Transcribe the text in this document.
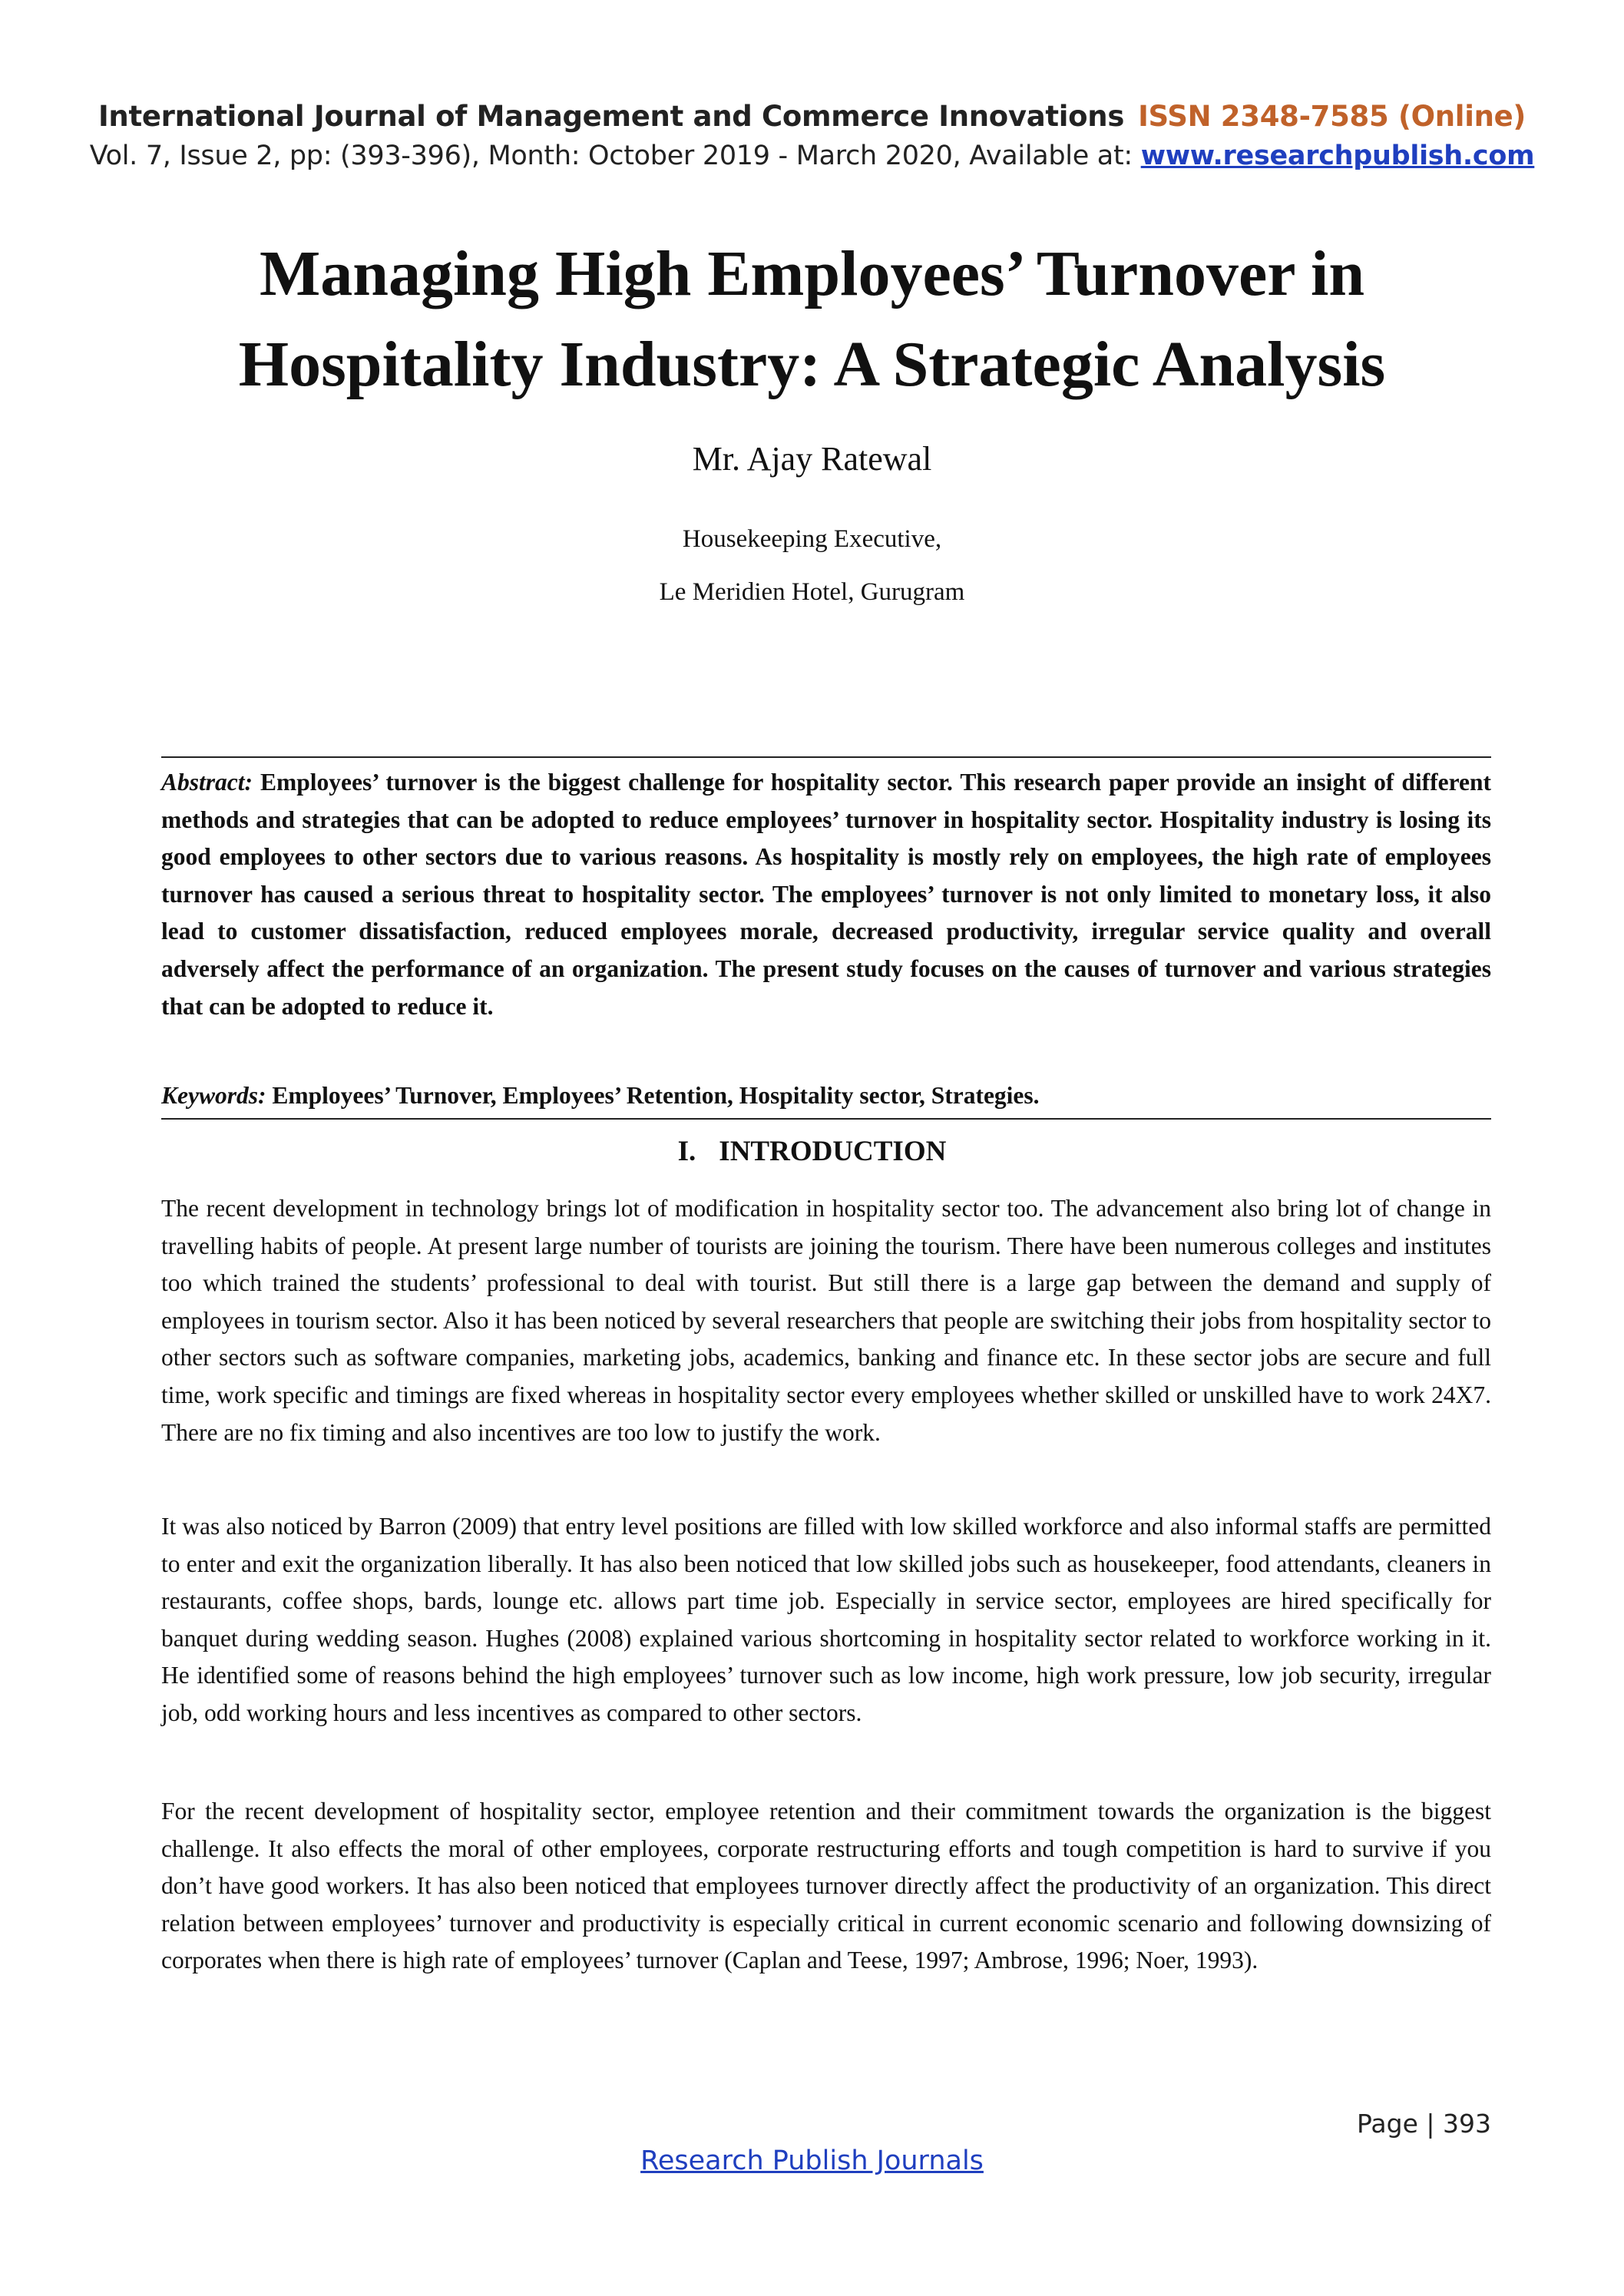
International Journal of Management and Commerce Innovations ISSN 2348-7585 (Online)
Vol. 7, Issue 2, pp: (393-396), Month: October 2019 - March 2020, Available at: www.researchpublish.com
Managing High Employees’ Turnover in
Hospitality Industry: A Strategic Analysis
Mr. Ajay Ratewal
Housekeeping Executive,
Le Meridien Hotel, Gurugram
Abstract: Employees’ turnover is the biggest challenge for hospitality sector. This research paper provide an insight of different methods and strategies that can be adopted to reduce employees’ turnover in hospitality sector. Hospitality industry is losing its good employees to other sectors due to various reasons. As hospitality is mostly rely on employees, the high rate of employees turnover has caused a serious threat to hospitality sector. The employees’ turnover is not only limited to monetary loss, it also lead to customer dissatisfaction, reduced employees morale, decreased productivity, irregular service quality and overall adversely affect the performance of an organization. The present study focuses on the causes of turnover and various strategies that can be adopted to reduce it.
Keywords: Employees’ Turnover, Employees’ Retention, Hospitality sector, Strategies.
I. INTRODUCTION

The recent development in technology brings lot of modification in hospitality sector too. The advancement also bring lot of change in travelling habits of people. At present large number of tourists are joining the tourism. There have been numerous colleges and institutes too which trained the students’ professional to deal with tourist. But still there is a large gap between the demand and supply of employees in tourism sector. Also it has been noticed by several researchers that people are switching their jobs from hospitality sector to other sectors such as software companies, marketing jobs, academics, banking and finance etc. In these sector jobs are secure and full time, work specific and timings are fixed whereas in hospitality sector every employees whether skilled or unskilled have to work 24X7. There are no fix timing and also incentives are too low to justify the work.

It was also noticed by Barron (2009) that entry level positions are filled with low skilled workforce and also informal staffs are permitted to enter and exit the organization liberally. It has also been noticed that low skilled jobs such as housekeeper, food attendants, cleaners in restaurants, coffee shops, bards, lounge etc. allows part time job. Especially in service sector, employees are hired specifically for banquet during wedding season. Hughes (2008) explained various shortcoming in hospitality sector related to workforce working in it. He identified some of reasons behind the high employees’ turnover such as low income, high work pressure, low job security, irregular job, odd working hours and less incentives as compared to other sectors.

For the recent development of hospitality sector, employee retention and their commitment towards the organization is the biggest challenge. It also effects the moral of other employees, corporate restructuring efforts and tough competition is hard to survive if you don’t have good workers. It has also been noticed that employees turnover directly affect the productivity of an organization. This direct relation between employees’ turnover and productivity is especially critical in current economic scenario and following downsizing of corporates when there is high rate of employees’ turnover (Caplan and Teese, 1997; Ambrose, 1996; Noer, 1993).

Page | 393
Research Publish Journals
